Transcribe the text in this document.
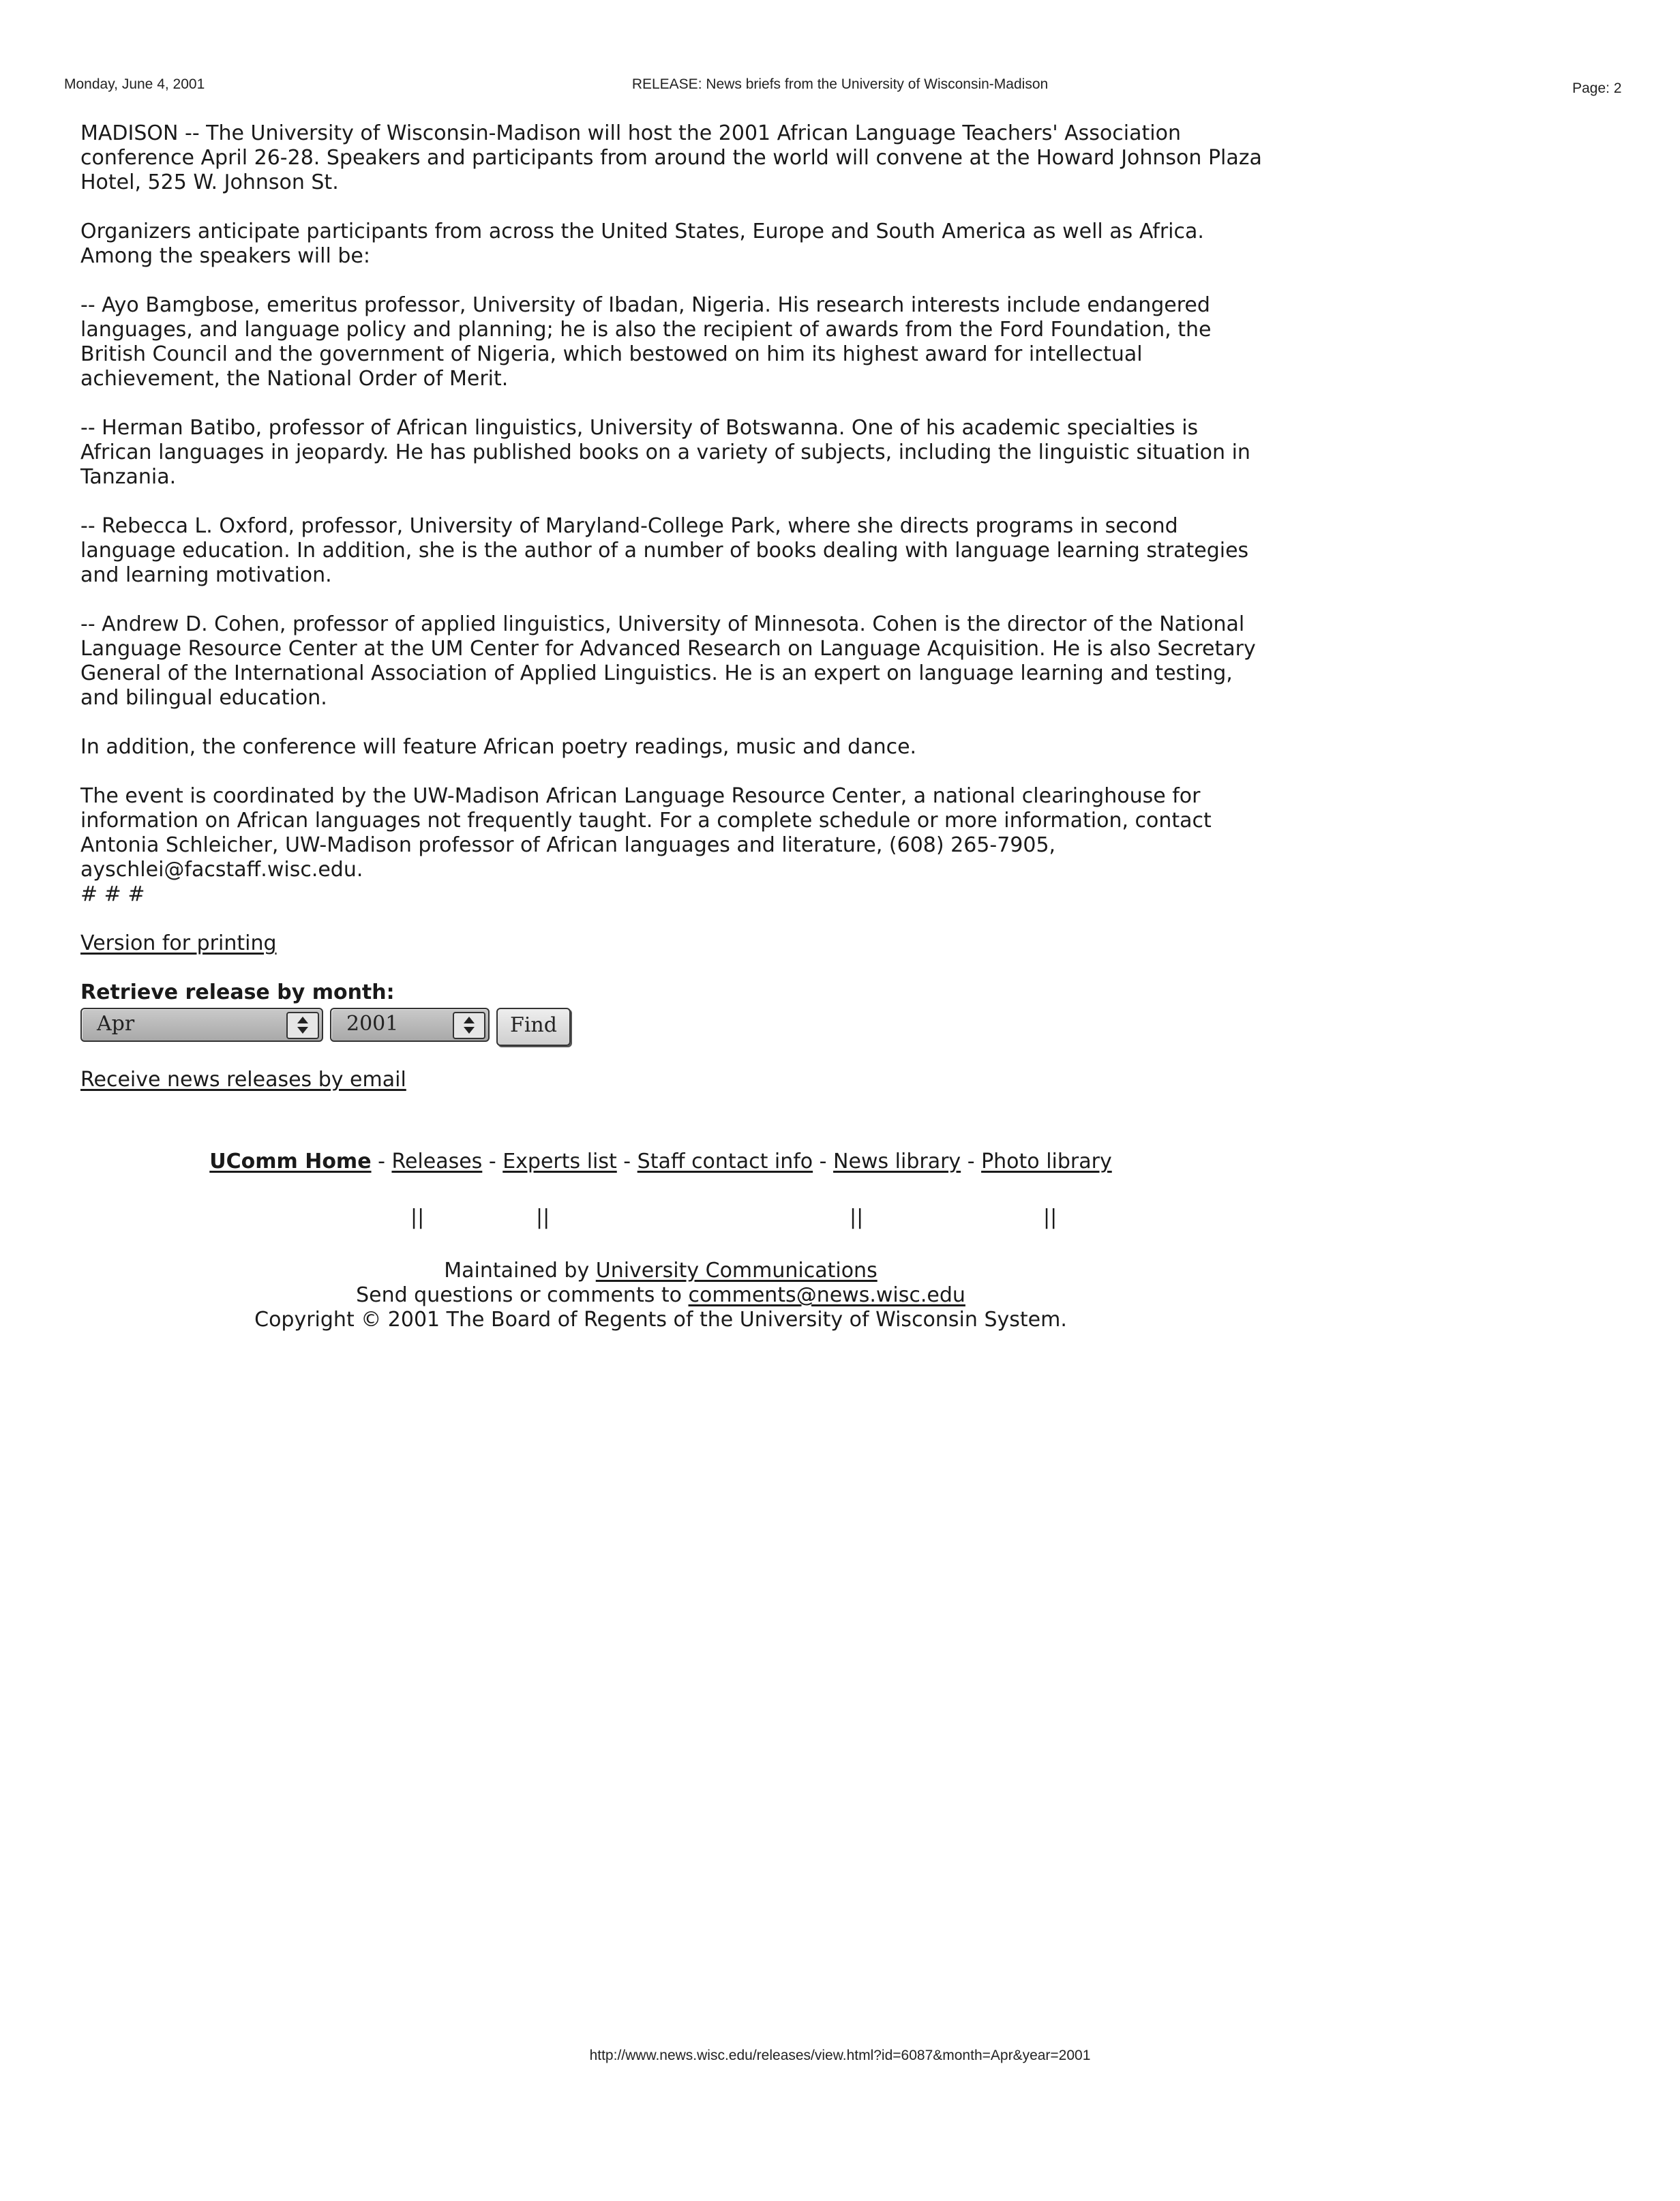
Monday, June 4, 2001	RELEASE: News briefs from the University of Wisconsin-Madison	Page: 2

MADISON -- The University of Wisconsin-Madison will host the 2001 African Language Teachers' Association conference April 26-28. Speakers and participants from around the world will convene at the Howard Johnson Plaza Hotel, 525 W. Johnson St.

Organizers anticipate participants from across the United States, Europe and South America as well as Africa. Among the speakers will be:

-- Ayo Bamgbose, emeritus professor, University of Ibadan, Nigeria. His research interests include endangered languages, and language policy and planning; he is also the recipient of awards from the Ford Foundation, the British Council and the government of Nigeria, which bestowed on him its highest award for intellectual achievement, the National Order of Merit.

-- Herman Batibo, professor of African linguistics, University of Botswanna. One of his academic specialties is African languages in jeopardy. He has published books on a variety of subjects, including the linguistic situation in Tanzania.

-- Rebecca L. Oxford, professor, University of Maryland-College Park, where she directs programs in second language education. In addition, she is the author of a number of books dealing with language learning strategies and learning motivation.

-- Andrew D. Cohen, professor of applied linguistics, University of Minnesota. Cohen is the director of the National Language Resource Center at the UM Center for Advanced Research on Language Acquisition. He is also Secretary General of the International Association of Applied Linguistics. He is an expert on language learning and testing, and bilingual education.

In addition, the conference will feature African poetry readings, music and dance.

The event is coordinated by the UW-Madison African Language Resource Center, a national clearinghouse for information on African languages not frequently taught. For a complete schedule or more information, contact Antonia Schleicher, UW-Madison professor of African languages and literature, (608) 265-7905, ayschlei@facstaff.wisc.edu.

# # #

Version for printing

Retrieve release by month:
Apr	2001	Find

Receive news releases by email

UComm Home - Releases - Experts list - Staff contact info - News library - Photo library
||	||	||	||
Maintained by University Communications
Send questions or comments to comments@news.wisc.edu
Copyright © 2001 The Board of Regents of the University of Wisconsin System.
http://www.news.wisc.edu/releases/view.html?id=6087&month=Apr&year=2001
